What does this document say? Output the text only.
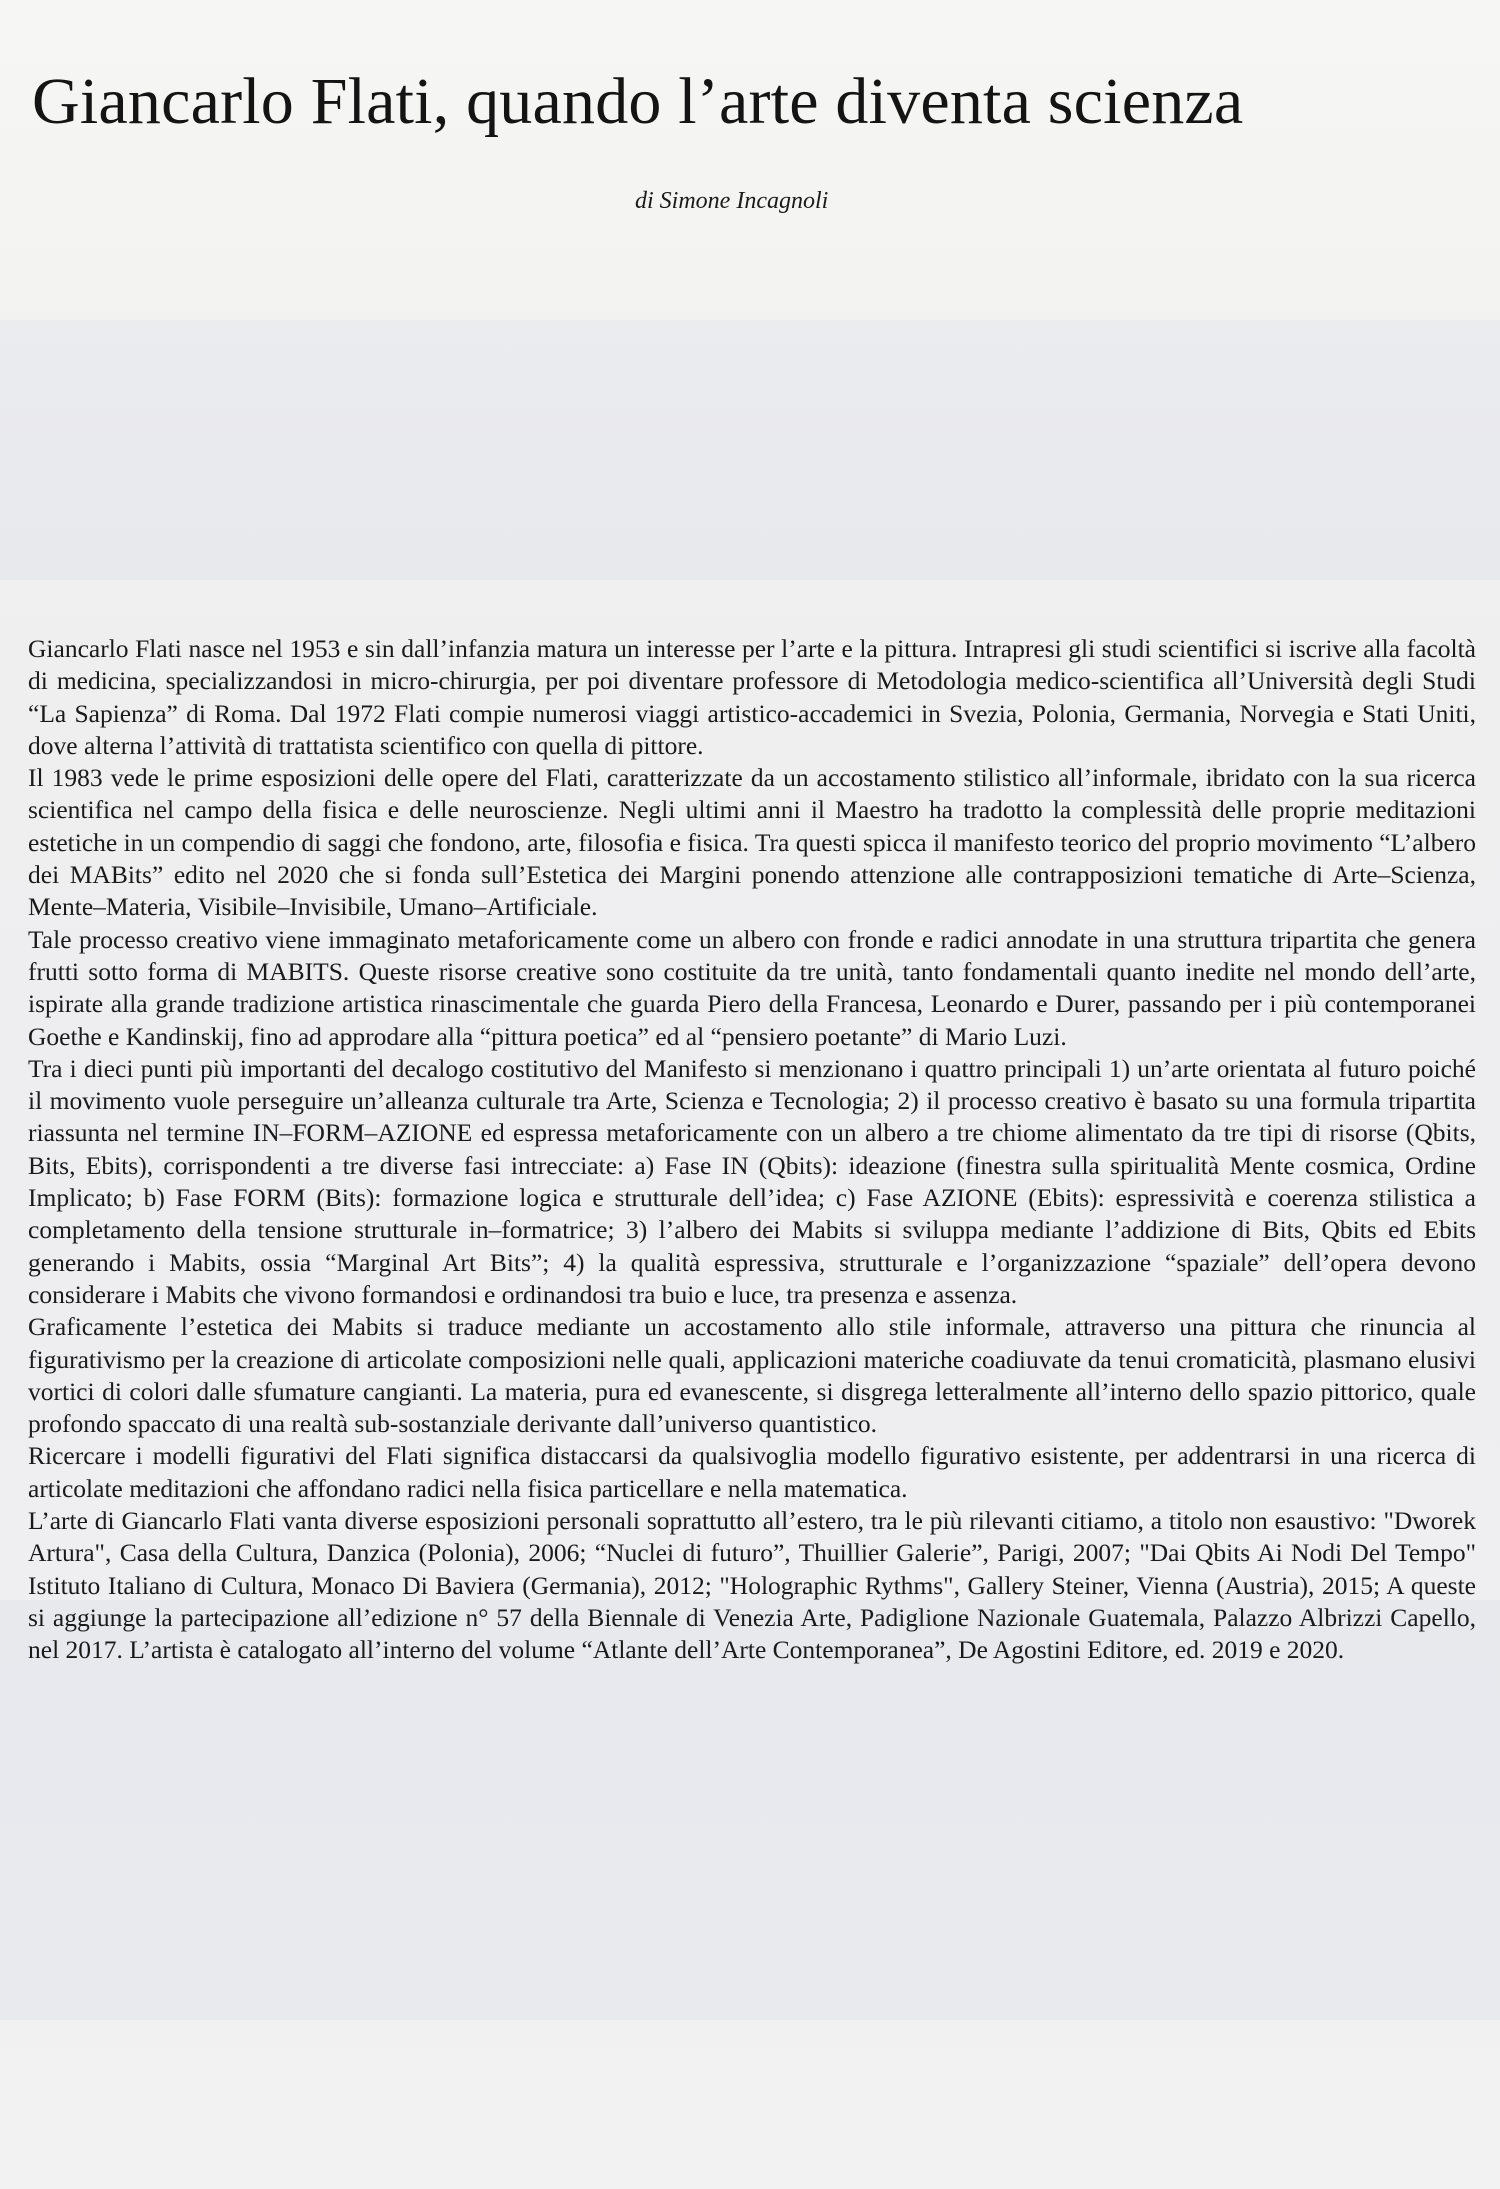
Giancarlo Flati, quando l’arte diventa scienza

di Simone Incagnoli

Giancarlo Flati nasce nel 1953 e sin dall’infanzia matura un interesse per l’arte e la pittura. Intrapresi gli studi scientifici si iscrive alla facoltà di medicina, specializzandosi in micro-chirurgia, per poi diventare professore di Metodologia medico-scientifica all’Università degli Studi “La Sapienza” di Roma. Dal 1972 Flati compie numerosi viaggi artistico-accademici in Svezia, Polonia, Germania, Norvegia e Stati Uniti, dove alterna l’attività di trattatista scientifico con quella di pittore.

Il 1983 vede le prime esposizioni delle opere del Flati, caratterizzate da un accostamento stilistico all’informale, ibridato con la sua ricerca scientifica nel campo della fisica e delle neuroscienze. Negli ultimi anni il Maestro ha tradotto la complessità delle proprie meditazioni estetiche in un compendio di saggi che fondono, arte, filosofia e fisica. Tra questi spicca il manifesto teorico del proprio movimento “L’albero dei MABits” edito nel 2020 che si fonda sull’Estetica dei Margini ponendo attenzione alle contrapposizioni tematiche di Arte–Scienza, Mente–Materia, Visibile–Invisibile, Umano–Artificiale.

Tale processo creativo viene immaginato metaforicamente come un albero con fronde e radici annodate in una struttura tripartita che genera frutti sotto forma di MABITS. Queste risorse creative sono costituite da tre unità, tanto fondamentali quanto inedite nel mondo dell’arte, ispirate alla grande tradizione artistica rinascimentale che guarda Piero della Francesa, Leonardo e Durer, passando per i più contemporanei Goethe e Kandinskij, fino ad approdare alla “pittura poetica” ed al “pensiero poetante” di Mario Luzi.

Tra i dieci punti più importanti del decalogo costitutivo del Manifesto si menzionano i quattro principali 1) un’arte orientata al futuro poiché il movimento vuole perseguire un’alleanza culturale tra Arte, Scienza e Tecnologia; 2) il processo creativo è basato su una formula tripartita riassunta nel termine IN–FORM–AZIONE ed espressa metaforicamente con un albero a tre chiome alimentato da tre tipi di risorse (Qbits, Bits, Ebits), corrispondenti a tre diverse fasi intrecciate: a) Fase IN (Qbits): ideazione (finestra sulla spiritualità Mente cosmica, Ordine Implicato; b) Fase FORM (Bits): formazione logica e strutturale dell’idea; c) Fase AZIONE (Ebits): espressività e coerenza stilistica a completamento della tensione strutturale in–formatrice; 3) l’albero dei Mabits si sviluppa mediante l’addizione di Bits, Qbits ed Ebits generando i Mabits, ossia “Marginal Art Bits”; 4) la qualità espressiva, strutturale e l’organizzazione “spaziale” dell’opera devono considerare i Mabits che vivono formandosi e ordinandosi tra buio e luce, tra presenza e assenza.

Graficamente l’estetica dei Mabits si traduce mediante un accostamento allo stile informale, attraverso una pittura che rinuncia al figurativismo per la creazione di articolate composizioni nelle quali, applicazioni materiche coadiuvate da tenui cromaticità, plasmano elusivi vortici di colori dalle sfumature cangianti. La materia, pura ed evanescente, si disgrega letteralmente all’interno dello spazio pittorico, quale profondo spaccato di una realtà sub-sostanziale derivante dall’universo quantistico.

Ricercare i modelli figurativi del Flati significa distaccarsi da qualsivoglia modello figurativo esistente, per addentrarsi in una ricerca di articolate meditazioni che affondano radici nella fisica particellare e nella matematica.

L’arte di Giancarlo Flati vanta diverse esposizioni personali soprattutto all’estero, tra le più rilevanti citiamo, a titolo non esaustivo: "Dworek Artura", Casa della Cultura, Danzica (Polonia), 2006; “Nuclei di futuro”, Thuillier Galerie”, Parigi, 2007; "Dai Qbits Ai Nodi Del Tempo" Istituto Italiano di Cultura, Monaco Di Baviera (Germania), 2012; "Holographic Rythms", Gallery Steiner, Vienna (Austria), 2015; A queste si aggiunge la partecipazione all’edizione n° 57 della Biennale di Venezia Arte, Padiglione Nazionale Guatemala, Palazzo Albrizzi Capello, nel 2017. L’artista è catalogato all’interno del volume “Atlante dell’Arte Contemporanea”, De Agostini Editore, ed. 2019 e 2020.
